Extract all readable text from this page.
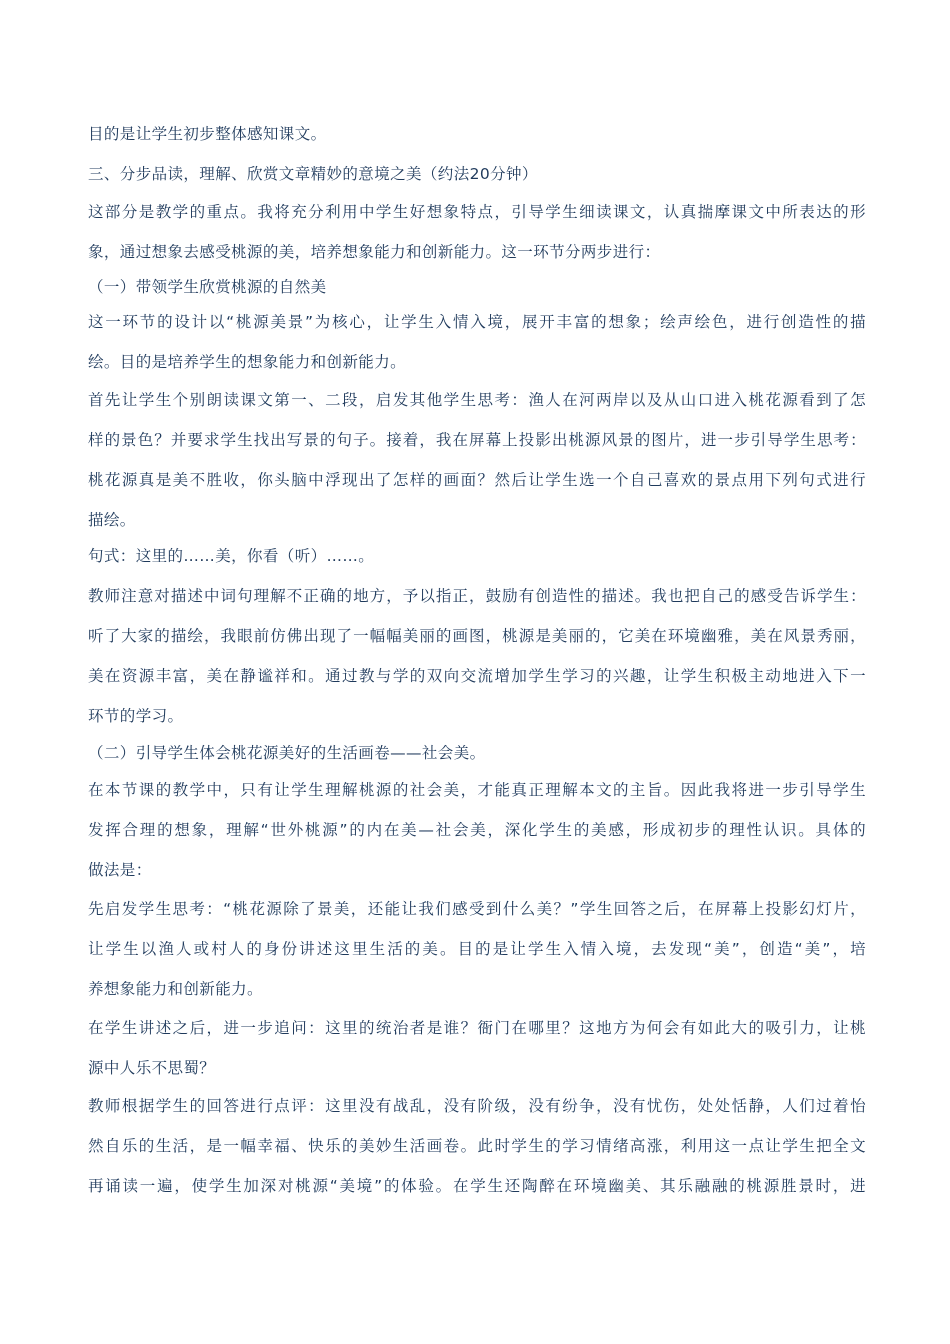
目的是让学生初步整体感知课文。
三、分步品读，理解、欣赏文章精妙的意境之美（约法20分钟）
这部分是教学的重点。我将充分利用中学生好想象特点，引导学生细读课文，认真揣摩课文中所表达的形
象，通过想象去感受桃源的美，培养想象能力和创新能力。这一环节分两步进行：
（一）带领学生欣赏桃源的自然美
这一环节的设计以“桃源美景”为核心，让学生入情入境，展开丰富的想象；绘声绘色，进行创造性的描
绘。目的是培养学生的想象能力和创新能力。
首先让学生个别朗读课文第一、二段，启发其他学生思考：渔人在河两岸以及从山口进入桃花源看到了怎
样的景色？并要求学生找出写景的句子。接着，我在屏幕上投影出桃源风景的图片，进一步引导学生思考：
桃花源真是美不胜收，你头脑中浮现出了怎样的画面？然后让学生选一个自己喜欢的景点用下列句式进行
描绘。
句式：这里的……美，你看（听）……。
教师注意对描述中词句理解不正确的地方，予以指正，鼓励有创造性的描述。我也把自己的感受告诉学生：
听了大家的描绘，我眼前仿佛出现了一幅幅美丽的画图，桃源是美丽的，它美在环境幽雅，美在风景秀丽，
美在资源丰富，美在静谧祥和。通过教与学的双向交流增加学生学习的兴趣，让学生积极主动地进入下一
环节的学习。
（二）引导学生体会桃花源美好的生活画卷——社会美。
在本节课的教学中，只有让学生理解桃源的社会美，才能真正理解本文的主旨。因此我将进一步引导学生
发挥合理的想象，理解“世外桃源”的内在美—社会美，深化学生的美感，形成初步的理性认识。具体的
做法是：
先启发学生思考：“桃花源除了景美，还能让我们感受到什么美？”学生回答之后，在屏幕上投影幻灯片，
让学生以渔人或村人的身份讲述这里生活的美。目的是让学生入情入境，去发现“美”，创造“美”，培
养想象能力和创新能力。
在学生讲述之后，进一步追问：这里的统治者是谁？衙门在哪里？这地方为何会有如此大的吸引力，让桃
源中人乐不思蜀？
教师根据学生的回答进行点评：这里没有战乱，没有阶级，没有纷争，没有忧伤，处处恬静，人们过着怡
然自乐的生活，是一幅幸福、快乐的美妙生活画卷。此时学生的学习情绪高涨，利用这一点让学生把全文
再诵读一遍，使学生加深对桃源“美境”的体验。在学生还陶醉在环境幽美、其乐融融的桃源胜景时，进
